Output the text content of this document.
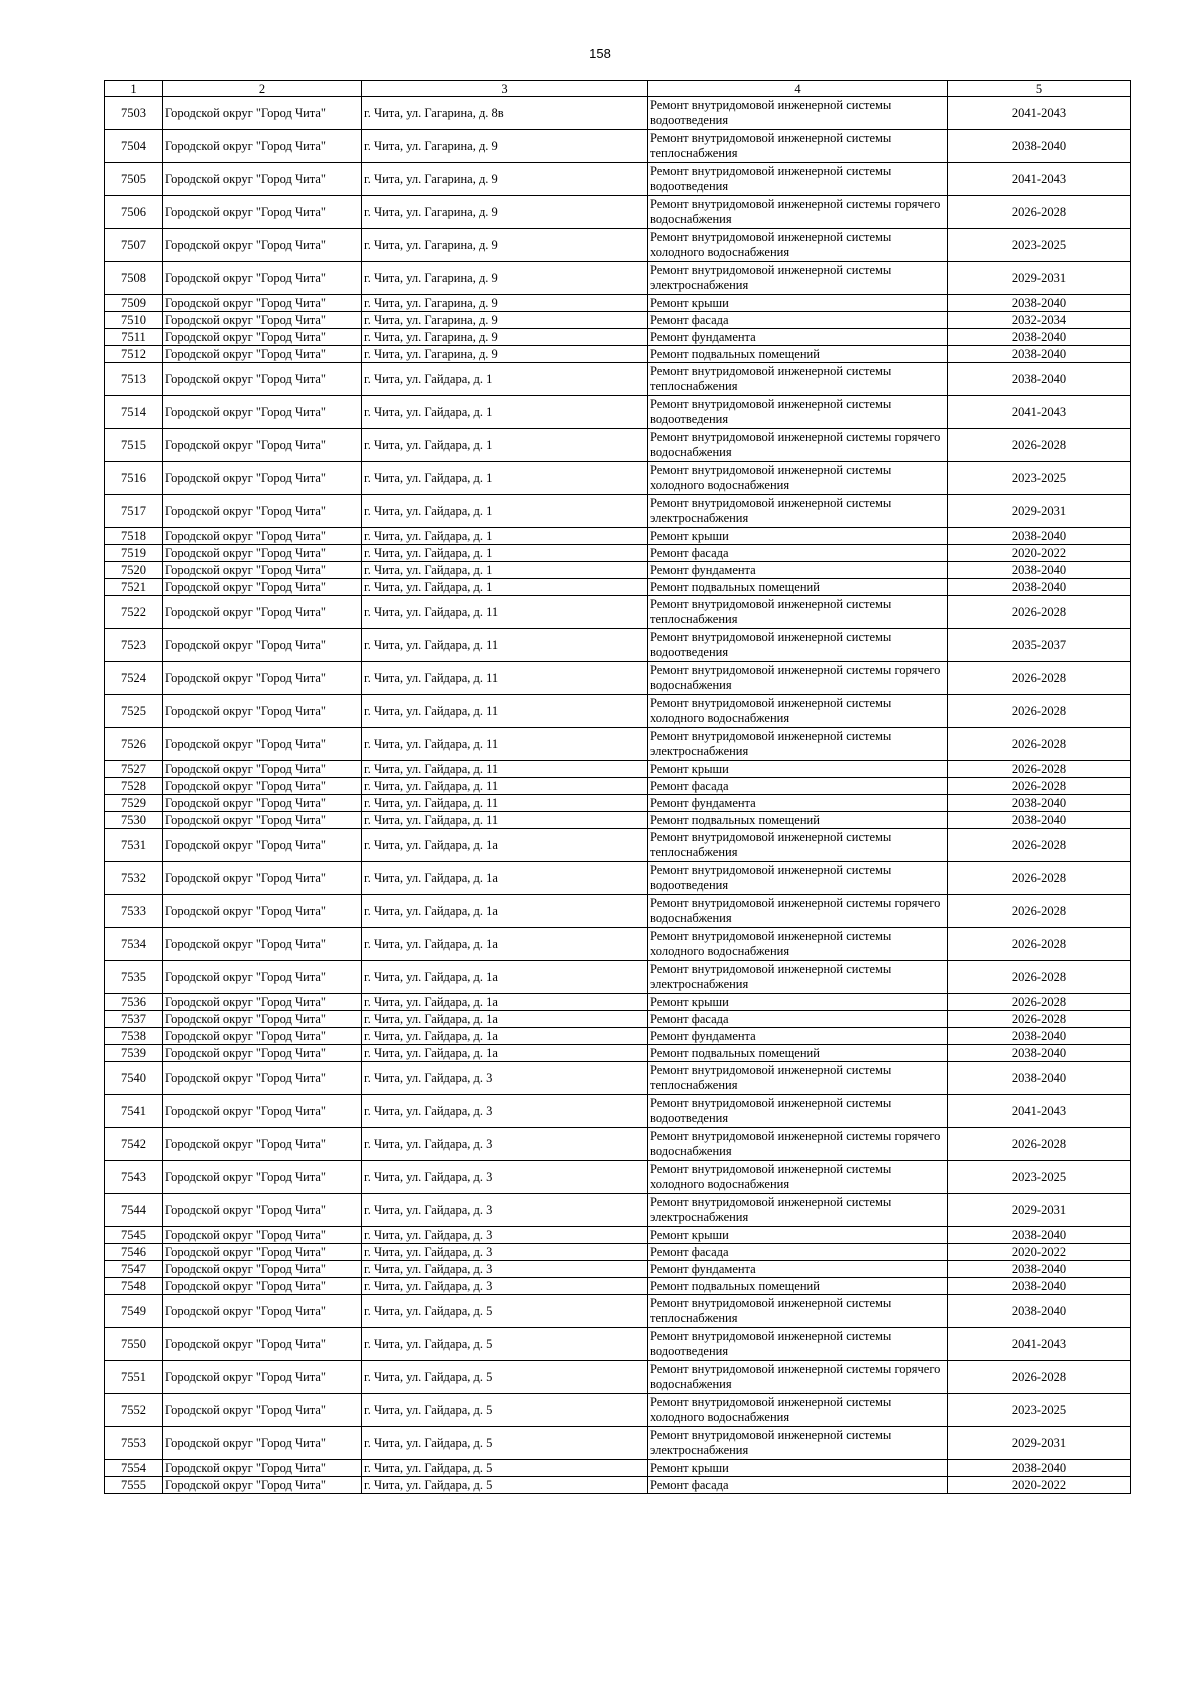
158
1	2	3	4	5
7503	Городской округ "Город Чита"	г. Чита, ул. Гагарина, д. 8в	Ремонт внутридомовой инженерной системы водоотведения	2041-2043
7504	Городской округ "Город Чита"	г. Чита, ул. Гагарина, д. 9	Ремонт внутридомовой инженерной системы теплоснабжения	2038-2040
7505	Городской округ "Город Чита"	г. Чита, ул. Гагарина, д. 9	Ремонт внутридомовой инженерной системы водоотведения	2041-2043
7506	Городской округ "Город Чита"	г. Чита, ул. Гагарина, д. 9	Ремонт внутридомовой инженерной системы горячего водоснабжения	2026-2028
7507	Городской округ "Город Чита"	г. Чита, ул. Гагарина, д. 9	Ремонт внутридомовой инженерной системы холодного водоснабжения	2023-2025
7508	Городской округ "Город Чита"	г. Чита, ул. Гагарина, д. 9	Ремонт внутридомовой инженерной системы электроснабжения	2029-2031
7509	Городской округ "Город Чита"	г. Чита, ул. Гагарина, д. 9	Ремонт крыши	2038-2040
7510	Городской округ "Город Чита"	г. Чита, ул. Гагарина, д. 9	Ремонт фасада	2032-2034
7511	Городской округ "Город Чита"	г. Чита, ул. Гагарина, д. 9	Ремонт фундамента	2038-2040
7512	Городской округ "Город Чита"	г. Чита, ул. Гагарина, д. 9	Ремонт подвальных помещений	2038-2040
7513	Городской округ "Город Чита"	г. Чита, ул. Гайдара, д. 1	Ремонт внутридомовой инженерной системы теплоснабжения	2038-2040
7514	Городской округ "Город Чита"	г. Чита, ул. Гайдара, д. 1	Ремонт внутридомовой инженерной системы водоотведения	2041-2043
7515	Городской округ "Город Чита"	г. Чита, ул. Гайдара, д. 1	Ремонт внутридомовой инженерной системы горячего водоснабжения	2026-2028
7516	Городской округ "Город Чита"	г. Чита, ул. Гайдара, д. 1	Ремонт внутридомовой инженерной системы холодного водоснабжения	2023-2025
7517	Городской округ "Город Чита"	г. Чита, ул. Гайдара, д. 1	Ремонт внутридомовой инженерной системы электроснабжения	2029-2031
7518	Городской округ "Город Чита"	г. Чита, ул. Гайдара, д. 1	Ремонт крыши	2038-2040
7519	Городской округ "Город Чита"	г. Чита, ул. Гайдара, д. 1	Ремонт фасада	2020-2022
7520	Городской округ "Город Чита"	г. Чита, ул. Гайдара, д. 1	Ремонт фундамента	2038-2040
7521	Городской округ "Город Чита"	г. Чита, ул. Гайдара, д. 1	Ремонт подвальных помещений	2038-2040
7522	Городской округ "Город Чита"	г. Чита, ул. Гайдара, д. 11	Ремонт внутридомовой инженерной системы теплоснабжения	2026-2028
7523	Городской округ "Город Чита"	г. Чита, ул. Гайдара, д. 11	Ремонт внутридомовой инженерной системы водоотведения	2035-2037
7524	Городской округ "Город Чита"	г. Чита, ул. Гайдара, д. 11	Ремонт внутридомовой инженерной системы горячего водоснабжения	2026-2028
7525	Городской округ "Город Чита"	г. Чита, ул. Гайдара, д. 11	Ремонт внутридомовой инженерной системы холодного водоснабжения	2026-2028
7526	Городской округ "Город Чита"	г. Чита, ул. Гайдара, д. 11	Ремонт внутридомовой инженерной системы электроснабжения	2026-2028
7527	Городской округ "Город Чита"	г. Чита, ул. Гайдара, д. 11	Ремонт крыши	2026-2028
7528	Городской округ "Город Чита"	г. Чита, ул. Гайдара, д. 11	Ремонт фасада	2026-2028
7529	Городской округ "Город Чита"	г. Чита, ул. Гайдара, д. 11	Ремонт фундамента	2038-2040
7530	Городской округ "Город Чита"	г. Чита, ул. Гайдара, д. 11	Ремонт подвальных помещений	2038-2040
7531	Городской округ "Город Чита"	г. Чита, ул. Гайдара, д. 1а	Ремонт внутридомовой инженерной системы теплоснабжения	2026-2028
7532	Городской округ "Город Чита"	г. Чита, ул. Гайдара, д. 1а	Ремонт внутридомовой инженерной системы водоотведения	2026-2028
7533	Городской округ "Город Чита"	г. Чита, ул. Гайдара, д. 1а	Ремонт внутридомовой инженерной системы горячего водоснабжения	2026-2028
7534	Городской округ "Город Чита"	г. Чита, ул. Гайдара, д. 1а	Ремонт внутридомовой инженерной системы холодного водоснабжения	2026-2028
7535	Городской округ "Город Чита"	г. Чита, ул. Гайдара, д. 1а	Ремонт внутридомовой инженерной системы электроснабжения	2026-2028
7536	Городской округ "Город Чита"	г. Чита, ул. Гайдара, д. 1а	Ремонт крыши	2026-2028
7537	Городской округ "Город Чита"	г. Чита, ул. Гайдара, д. 1а	Ремонт фасада	2026-2028
7538	Городской округ "Город Чита"	г. Чита, ул. Гайдара, д. 1а	Ремонт фундамента	2038-2040
7539	Городской округ "Город Чита"	г. Чита, ул. Гайдара, д. 1а	Ремонт подвальных помещений	2038-2040
7540	Городской округ "Город Чита"	г. Чита, ул. Гайдара, д. 3	Ремонт внутридомовой инженерной системы теплоснабжения	2038-2040
7541	Городской округ "Город Чита"	г. Чита, ул. Гайдара, д. 3	Ремонт внутридомовой инженерной системы водоотведения	2041-2043
7542	Городской округ "Город Чита"	г. Чита, ул. Гайдара, д. 3	Ремонт внутридомовой инженерной системы горячего водоснабжения	2026-2028
7543	Городской округ "Город Чита"	г. Чита, ул. Гайдара, д. 3	Ремонт внутридомовой инженерной системы холодного водоснабжения	2023-2025
7544	Городской округ "Город Чита"	г. Чита, ул. Гайдара, д. 3	Ремонт внутридомовой инженерной системы электроснабжения	2029-2031
7545	Городской округ "Город Чита"	г. Чита, ул. Гайдара, д. 3	Ремонт крыши	2038-2040
7546	Городской округ "Город Чита"	г. Чита, ул. Гайдара, д. 3	Ремонт фасада	2020-2022
7547	Городской округ "Город Чита"	г. Чита, ул. Гайдара, д. 3	Ремонт фундамента	2038-2040
7548	Городской округ "Город Чита"	г. Чита, ул. Гайдара, д. 3	Ремонт подвальных помещений	2038-2040
7549	Городской округ "Город Чита"	г. Чита, ул. Гайдара, д. 5	Ремонт внутридомовой инженерной системы теплоснабжения	2038-2040
7550	Городской округ "Город Чита"	г. Чита, ул. Гайдара, д. 5	Ремонт внутридомовой инженерной системы водоотведения	2041-2043
7551	Городской округ "Город Чита"	г. Чита, ул. Гайдара, д. 5	Ремонт внутридомовой инженерной системы горячего водоснабжения	2026-2028
7552	Городской округ "Город Чита"	г. Чита, ул. Гайдара, д. 5	Ремонт внутридомовой инженерной системы холодного водоснабжения	2023-2025
7553	Городской округ "Город Чита"	г. Чита, ул. Гайдара, д. 5	Ремонт внутридомовой инженерной системы электроснабжения	2029-2031
7554	Городской округ "Город Чита"	г. Чита, ул. Гайдара, д. 5	Ремонт крыши	2038-2040
7555	Городской округ "Город Чита"	г. Чита, ул. Гайдара, д. 5	Ремонт фасада	2020-2022
